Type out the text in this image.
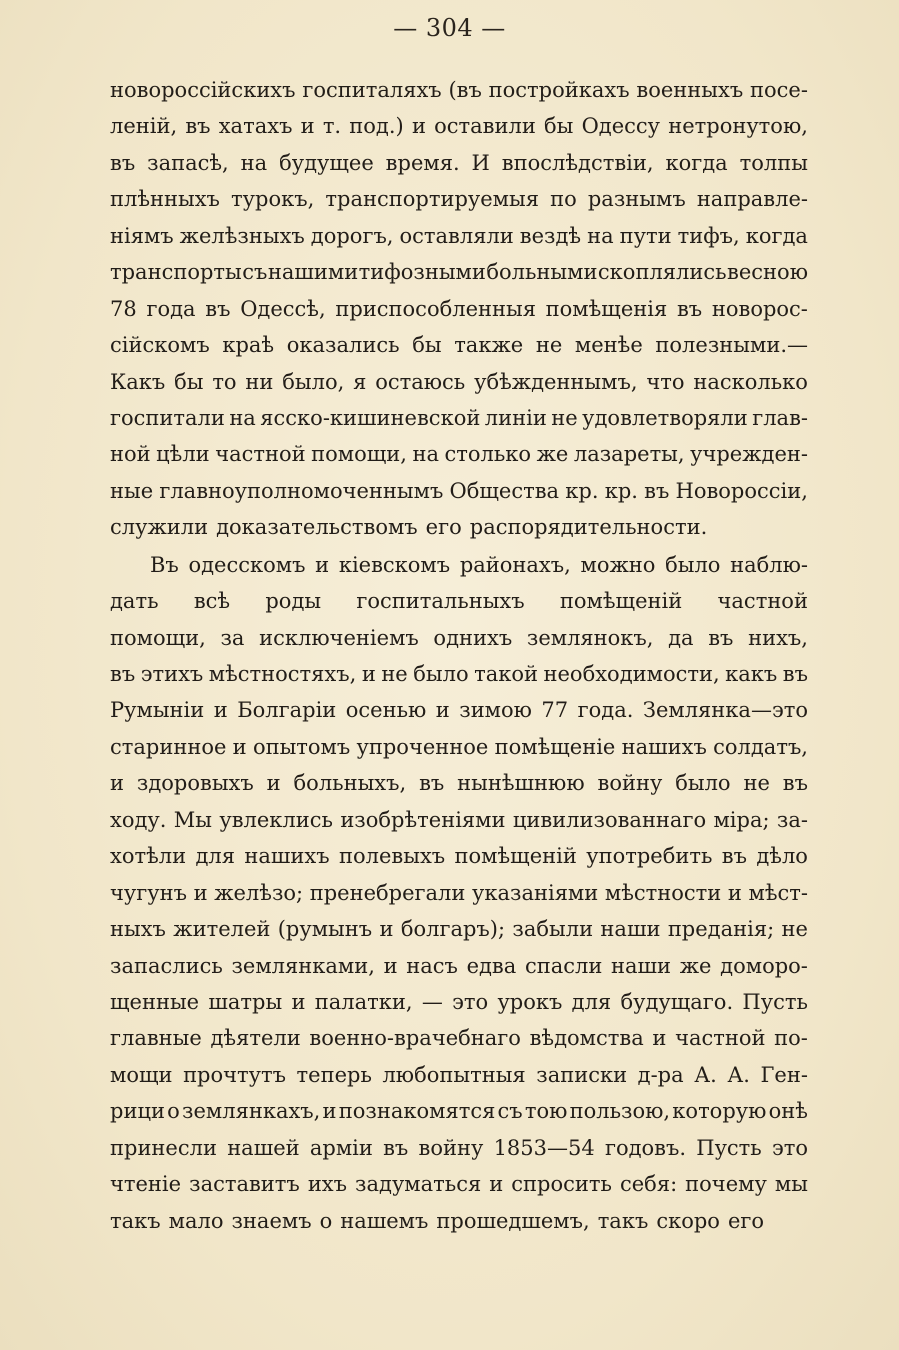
— 304 —
новороссійскихъ госпиталяхъ (въ постройкахъ военныхъ посе-
леній, въ хатахъ и т. под.) и оставили бы Одессу нетронутою,
въ запасѣ, на будущее время. И впослѣдствіи, когда толпы
плѣнныхъ турокъ, транспортируемыя по разнымъ направле-
ніямъ желѣзныхъ дорогъ, оставляли вездѣ на пути тифъ, когда
транспорты съ нашими тифозными больными скоплялись весною
78 года въ Одессѣ, приспособленныя помѣщенія въ новорос-
сійскомъ краѣ оказались бы также не менѣе полезными.—
Какъ бы то ни было, я остаюсь убѣжденнымъ, что насколько
госпитали на ясско-кишиневской линіи не удовлетворяли глав-
ной цѣли частной помощи, на столько же лазареты, учрежден-
ные главноуполномоченнымъ Общества кр. кр. въ Новороссіи,
служили доказательствомъ его распорядительности.
Въ одесскомъ и кіевскомъ районахъ, можно было наблю-
дать всѣ роды госпитальныхъ помѣщеній частной
помощи, за исключеніемъ однихъ землянокъ, да въ нихъ,
въ этихъ мѣстностяхъ, и не было такой необходимости, какъ въ
Румыніи и Болгаріи осенью и зимою 77 года. Землянка—это
старинное и опытомъ упроченное помѣщеніе нашихъ солдатъ,
и здоровыхъ и больныхъ, въ нынѣшнюю войну было не въ
ходу. Мы увлеклись изобрѣтеніями цивилизованнаго міра; за-
хотѣли для нашихъ полевыхъ помѣщеній употребить въ дѣло
чугунъ и желѣзо; пренебрегали указаніями мѣстности и мѣст-
ныхъ жителей (румынъ и болгаръ); забыли наши преданія; не
запаслись землянками, и насъ едва спасли наши же доморо-
щенные шатры и палатки, — это урокъ для будущаго. Пусть
главные дѣятели военно-врачебнаго вѣдомства и частной по-
мощи прочтутъ теперь любопытныя записки д-ра А. А. Ген-
рици о землянкахъ, и познакомятся съ тою пользою, которую онѣ
принесли нашей арміи въ войну 1853—54 годовъ. Пусть это
чтеніе заставитъ ихъ задуматься и спросить себя: почему мы
такъ мало знаемъ о нашемъ прошедшемъ, такъ скоро его
